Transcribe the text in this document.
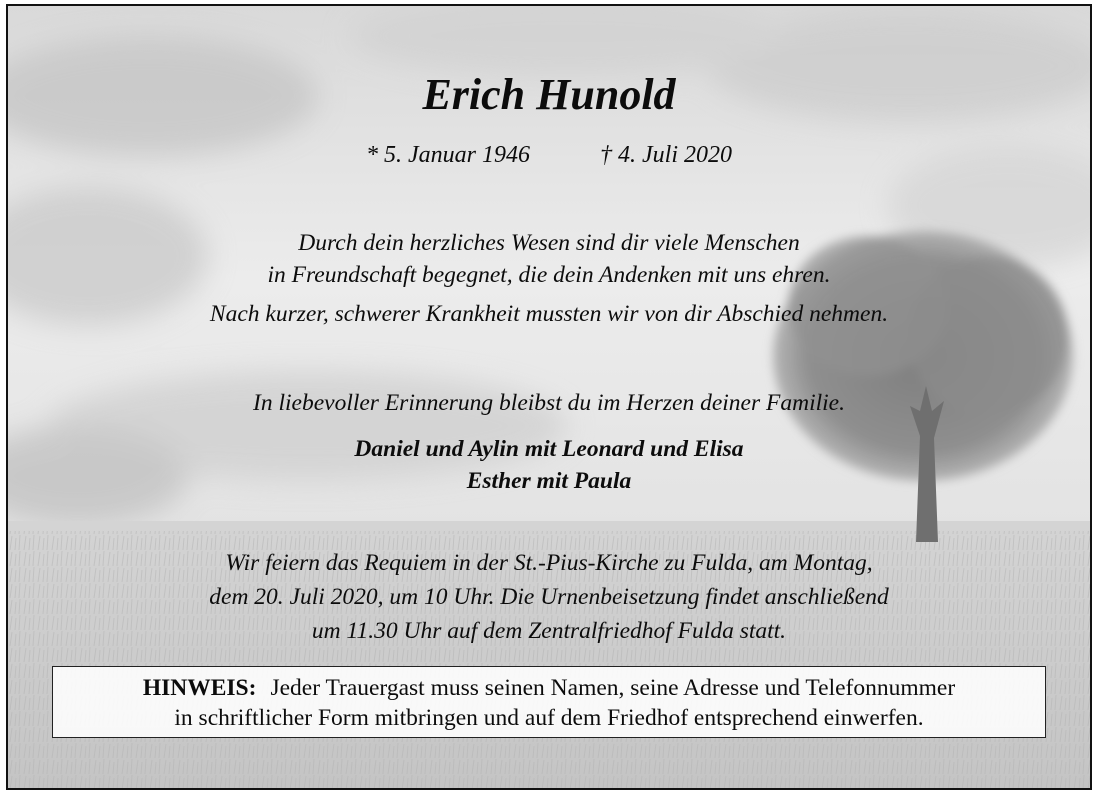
Erich Hunold
* 5. Januar 1946	† 4. Juli 2020
Durch dein herzliches Wesen sind dir viele Menschen
in Freundschaft begegnet, die dein Andenken mit uns ehren.
Nach kurzer, schwerer Krankheit mussten wir von dir Abschied nehmen.
In liebevoller Erinnerung bleibst du im Herzen deiner Familie.
Daniel und Aylin mit Leonard und Elisa
Esther mit Paula
Wir feiern das Requiem in der St.-Pius-Kirche zu Fulda, am Montag,
dem 20. Juli 2020, um 10 Uhr. Die Urnenbeisetzung findet anschließend
um 11.30 Uhr auf dem Zentralfriedhof Fulda statt.
HINWEIS: Jeder Trauergast muss seinen Namen, seine Adresse und Telefonnummer
in schriftlicher Form mitbringen und auf dem Friedhof entsprechend einwerfen.
